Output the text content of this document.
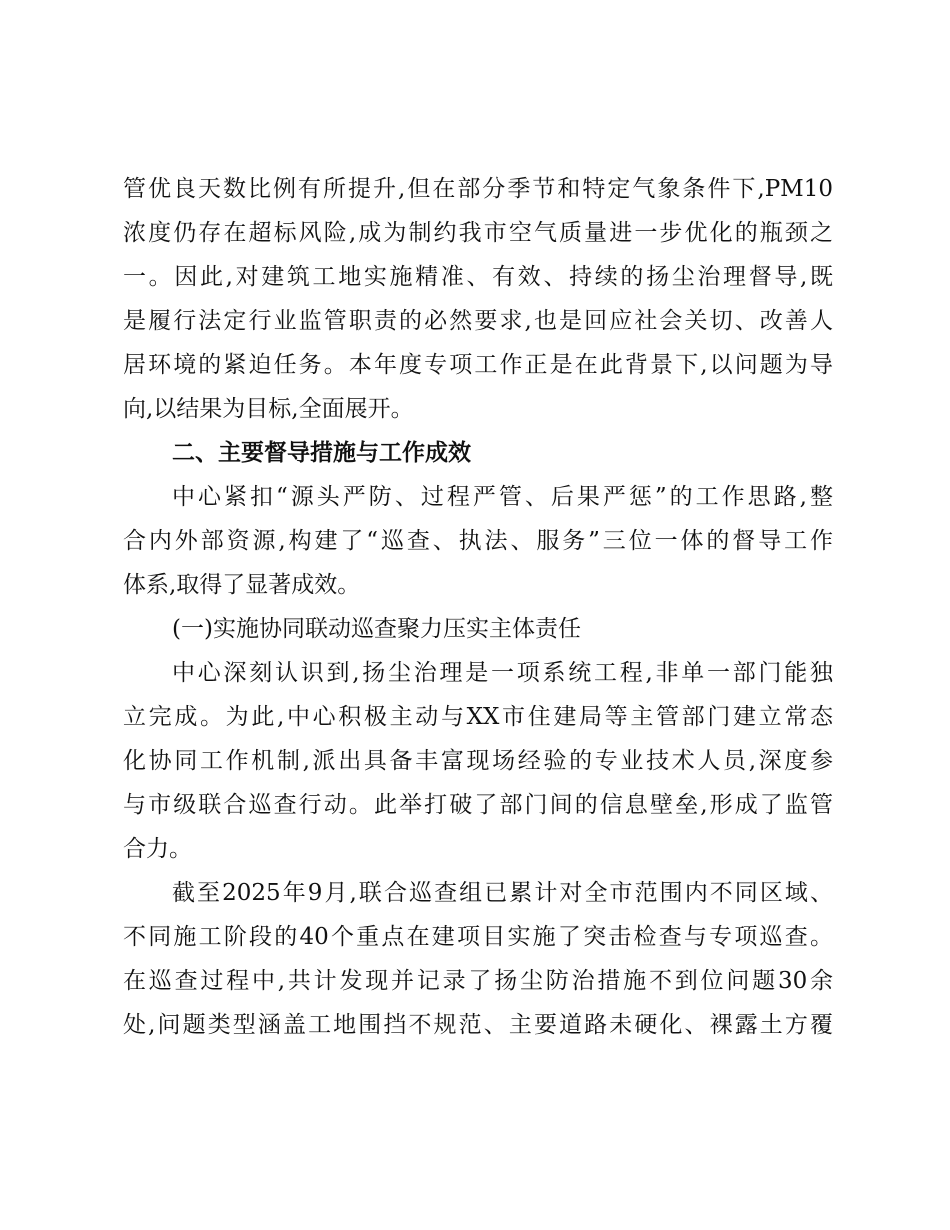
管优良天数比例有所提升,但在部分季节和特定气象条件下,PM10
浓度仍存在超标风险,成为制约我市空气质量进一步优化的瓶颈之
一。因此,对建筑工地实施精准、有效、持续的扬尘治理督导,既
是履行法定行业监管职责的必然要求,也是回应社会关切、改善人
居环境的紧迫任务。本年度专项工作正是在此背景下,以问题为导
向,以结果为目标,全面展开。
二、主要督导措施与工作成效
中心紧扣“源头严防、过程严管、后果严惩”的工作思路,整
合内外部资源,构建了“巡查、执法、服务”三位一体的督导工作
体系,取得了显著成效。
(一)实施协同联动巡查聚力压实主体责任
中心深刻认识到,扬尘治理是一项系统工程,非单一部门能独
立完成。为此,中心积极主动与XX市住建局等主管部门建立常态
化协同工作机制,派出具备丰富现场经验的专业技术人员,深度参
与市级联合巡查行动。此举打破了部门间的信息壁垒,形成了监管
合力。
截至2025年9月,联合巡查组已累计对全市范围内不同区域、
不同施工阶段的40个重点在建项目实施了突击检查与专项巡查。
在巡查过程中,共计发现并记录了扬尘防治措施不到位问题30余
处,问题类型涵盖工地围挡不规范、主要道路未硬化、裸露土方覆
